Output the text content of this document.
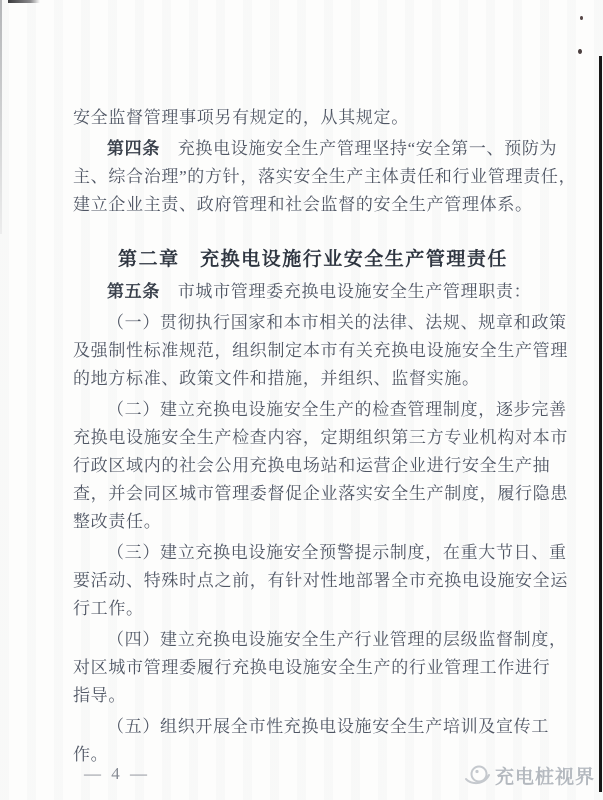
安全监督管理事项另有规定的，从其规定。
第四条　充换电设施安全生产管理坚持“安全第一、预防为
主、综合治理”的方针，落实安全生产主体责任和行业管理责任，
建立企业主责、政府管理和社会监督的安全生产管理体系。
第二章　充换电设施行业安全生产管理责任
第五条　市城市管理委充换电设施安全生产管理职责：
（一）贯彻执行国家和本市相关的法律、法规、规章和政策
及强制性标准规范，组织制定本市有关充换电设施安全生产管理
的地方标准、政策文件和措施，并组织、监督实施。
（二）建立充换电设施安全生产的检查管理制度，逐步完善
充换电设施安全生产检查内容，定期组织第三方专业机构对本市
行政区域内的社会公用充换电场站和运营企业进行安全生产抽
查，并会同区城市管理委督促企业落实安全生产制度，履行隐患
整改责任。
（三）建立充换电设施安全预警提示制度，在重大节日、重
要活动、特殊时点之前，有针对性地部署全市充换电设施安全运
行工作。
（四）建立充换电设施安全生产行业管理的层级监督制度，
对区城市管理委履行充换电设施安全生产的行业管理工作进行
指导。
（五）组织开展全市性充换电设施安全生产培训及宣传工
作。
— 4 —	充电桩视界
